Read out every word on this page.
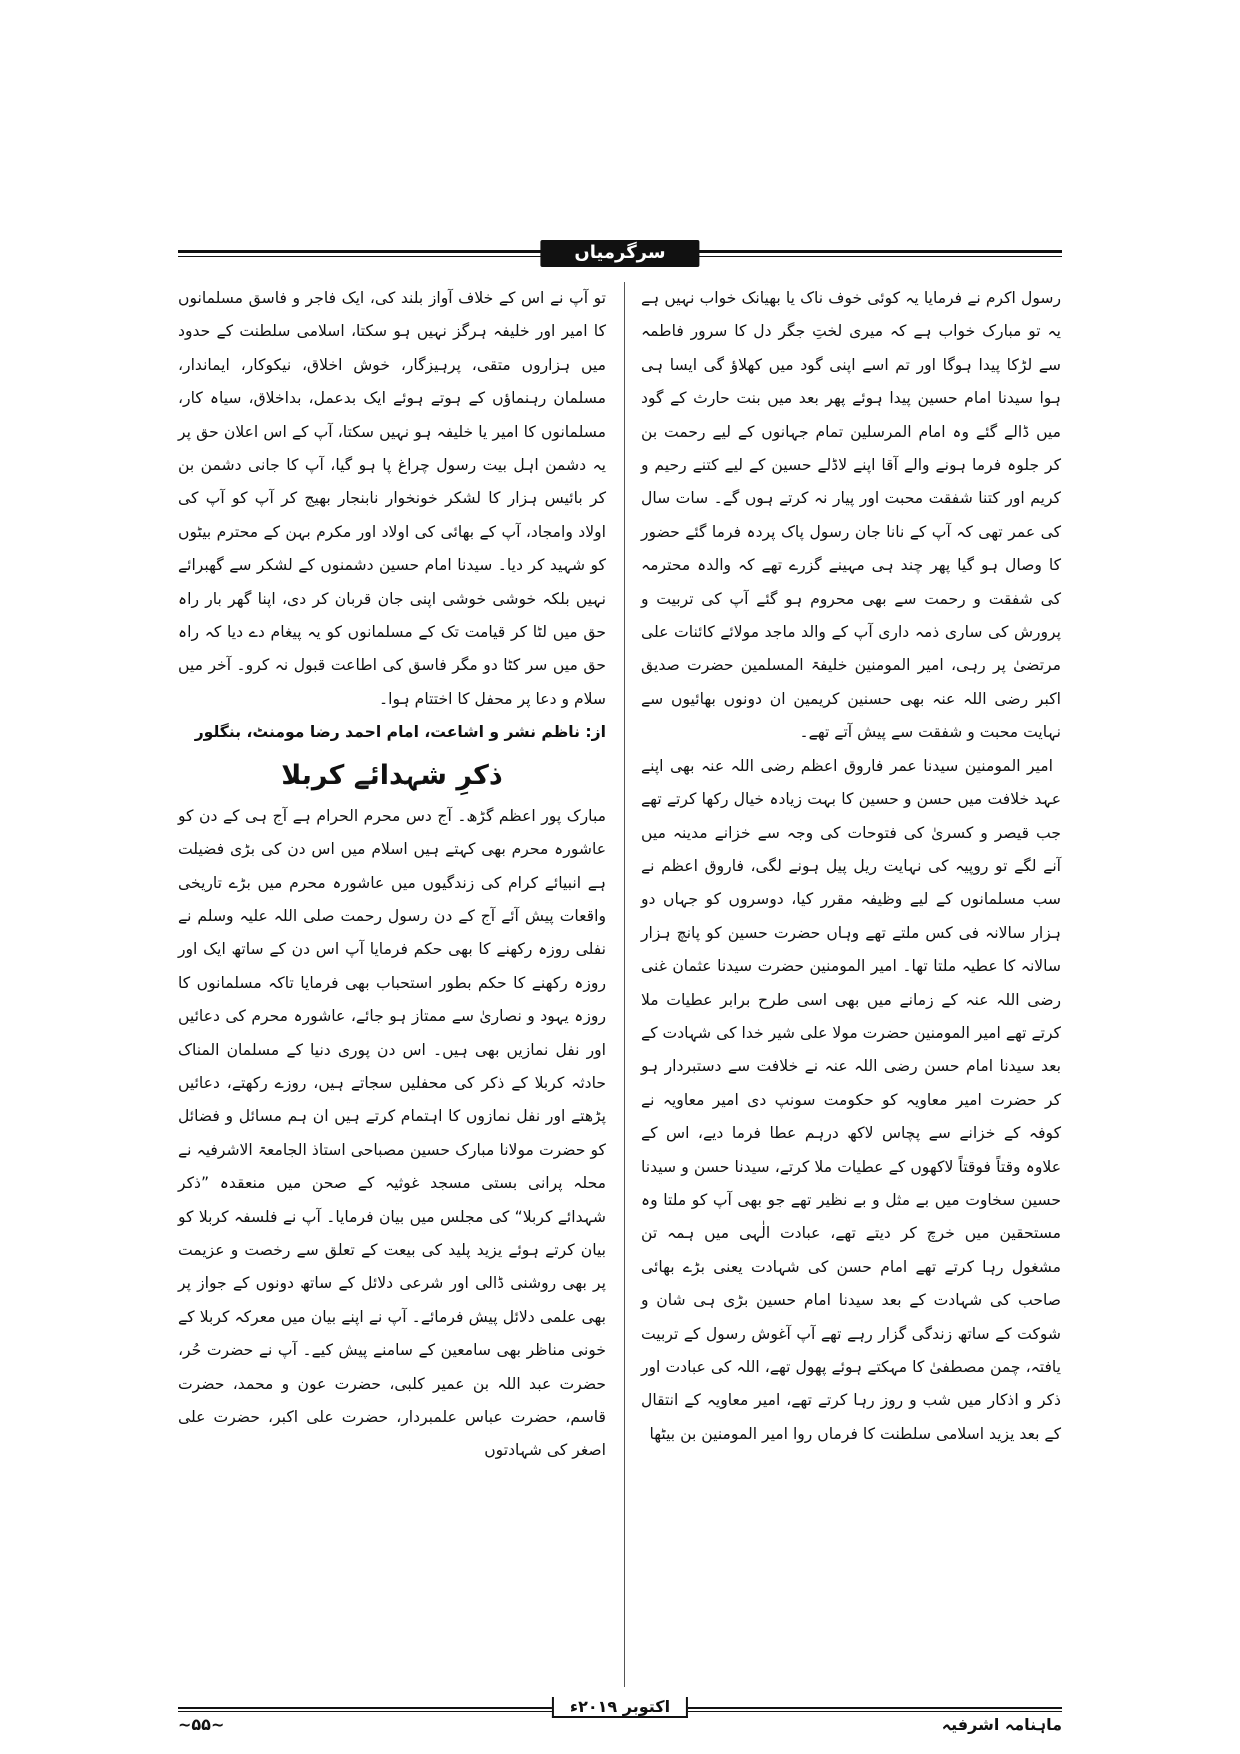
سرگرمیاں

رسول اکرم نے فرمایا یہ کوئی خوف ناک یا بھیانک خواب نہیں ہے یہ تو مبارک خواب ہے کہ میری لختِ جگر دل کا سرور فاطمہ سے لڑکا پیدا ہوگا اور تم اسے اپنی گود میں کھلاؤ گی ایسا ہی ہوا سیدنا امام حسین پیدا ہوئے پھر بعد میں بنت حارث کے گود میں ڈالے گئے وہ امام المرسلین تمام جہانوں کے لیے رحمت بن کر جلوہ فرما ہونے والے آقا اپنے لاڈلے حسین کے لیے کتنے رحیم و کریم اور کتنا شفقت محبت اور پیار نہ کرتے ہوں گے۔ سات سال کی عمر تھی کہ آپ کے نانا جان رسول پاک پردہ فرما گئے حضور کا وصال ہو گیا پھر چند ہی مہینے گزرے تھے کہ والدہ محترمہ کی شفقت و رحمت سے بھی محروم ہو گئے آپ کی تربیت و پرورش کی ساری ذمہ داری آپ کے والد ماجد مولائے کائنات علی مرتضیٰ پر رہی، امیر المومنین خلیفۃ المسلمین حضرت صدیق اکبر رضی اللہ عنہ بھی حسنین کریمین ان دونوں بھائیوں سے نہایت محبت و شفقت سے پیش آتے تھے۔

امیر المومنین سیدنا عمر فاروق اعظم رضی اللہ عنہ بھی اپنے عہد خلافت میں حسن و حسین کا بہت زیادہ خیال رکھا کرتے تھے جب قیصر و کسریٰ کی فتوحات کی وجہ سے خزانے مدینہ میں آنے لگے تو روپیہ کی نہایت ریل پیل ہونے لگی، فاروق اعظم نے سب مسلمانوں کے لیے وظیفہ مقرر کیا، دوسروں کو جہاں دو ہزار سالانہ فی کس ملتے تھے وہاں حضرت حسین کو پانچ ہزار سالانہ کا عطیہ ملتا تھا۔ امیر المومنین حضرت سیدنا عثمان غنی رضی اللہ عنہ کے زمانے میں بھی اسی طرح برابر عطیات ملا کرتے تھے امیر المومنین حضرت مولا علی شیر خدا کی شہادت کے بعد سیدنا امام حسن رضی اللہ عنہ نے خلافت سے دستبردار ہو کر حضرت امیر معاویہ کو حکومت سونپ دی امیر معاویہ نے کوفہ کے خزانے سے پچاس لاکھ درہم عطا فرما دیے، اس کے علاوہ وقتاً فوقتاً لاکھوں کے عطیات ملا کرتے، سیدنا حسن و سیدنا حسین سخاوت میں بے مثل و بے نظیر تھے جو بھی آپ کو ملتا وہ مستحقین میں خرچ کر دیتے تھے، عبادت الٰہی میں ہمہ تن مشغول رہا کرتے تھے امام حسن کی شہادت یعنی بڑے بھائی صاحب کی شہادت کے بعد سیدنا امام حسین بڑی ہی شان و شوکت کے ساتھ زندگی گزار رہے تھے آپ آغوش رسول کے تربیت یافتہ، چمن مصطفیٰ کا مہکتے ہوئے پھول تھے، اللہ کی عبادت اور ذکر و اذکار میں شب و روز رہا کرتے تھے، امیر معاویہ کے انتقال کے بعد یزید اسلامی سلطنت کا فرماں روا امیر المومنین بن بیٹھا

تو آپ نے اس کے خلاف آواز بلند کی، ایک فاجر و فاسق مسلمانوں کا امیر اور خلیفہ ہرگز نہیں ہو سکتا، اسلامی سلطنت کے حدود میں ہزاروں متقی، پرہیزگار، خوش اخلاق، نیکوکار، ایماندار، مسلمان رہنماؤں کے ہوتے ہوئے ایک بدعمل، بداخلاق، سیاہ کار، مسلمانوں کا امیر یا خلیفہ ہو نہیں سکتا، آپ کے اس اعلان حق پر یہ دشمن اہل بیت رسول چراغ پا ہو گیا، آپ کا جانی دشمن بن کر بائیس ہزار کا لشکر خونخوار نابنجار بھیج کر آپ کو آپ کی اولاد وامجاد، آپ کے بھائی کی اولاد اور مکرم بہن کے محترم بیٹوں کو شہید کر دیا۔ سیدنا امام حسین دشمنوں کے لشکر سے گھبرائے نہیں بلکہ خوشی خوشی اپنی جان قربان کر دی، اپنا گھر بار راہ حق میں لٹا کر قیامت تک کے مسلمانوں کو یہ پیغام دے دیا کہ راہ حق میں سر کٹا دو مگر فاسق کی اطاعت قبول نہ کرو۔ آخر میں سلام و دعا پر محفل کا اختتام ہوا۔

از: ناظم نشر و اشاعت، امام احمد رضا مومنٹ، بنگلور

ذکرِ شہدائے کربلا

مبارک پور اعظم گڑھ۔ آج دس محرم الحرام ہے آج ہی کے دن کو عاشورہ محرم بھی کہتے ہیں اسلام میں اس دن کی بڑی فضیلت ہے انبیائے کرام کی زندگیوں میں عاشورہ محرم میں بڑے تاریخی واقعات پیش آئے آج کے دن رسول رحمت صلی اللہ علیہ وسلم نے نفلی روزہ رکھنے کا بھی حکم فرمایا آپ اس دن کے ساتھ ایک اور روزہ رکھنے کا حکم بطور استحباب بھی فرمایا تاکہ مسلمانوں کا روزہ یہود و نصاریٰ سے ممتاز ہو جائے، عاشورہ محرم کی دعائیں اور نفل نمازیں بھی ہیں۔ اس دن پوری دنیا کے مسلمان المناک حادثہ کربلا کے ذکر کی محفلیں سجاتے ہیں، روزے رکھتے، دعائیں پڑھتے اور نفل نمازوں کا اہتمام کرتے ہیں ان ہم مسائل و فضائل کو حضرت مولانا مبارک حسین مصباحی استاذ الجامعۃ الاشرفیہ نے محلہ پرانی بستی مسجد غوثیہ کے صحن میں منعقدہ ”ذکر شہدائے کربلا“ کی مجلس میں بیان فرمایا۔ آپ نے فلسفہ کربلا کو بیان کرتے ہوئے یزید پلید کی بیعت کے تعلق سے رخصت و عزیمت پر بھی روشنی ڈالی اور شرعی دلائل کے ساتھ دونوں کے جواز پر بھی علمی دلائل پیش فرمائے۔ آپ نے اپنے بیان میں معرکہ کربلا کے خونی مناظر بھی سامعین کے سامنے پیش کیے۔ آپ نے حضرت حُر، حضرت عبد اللہ بن عمیر کلبی، حضرت عون و محمد، حضرت قاسم، حضرت عباس علمبردار، حضرت علی اکبر، حضرت علی اصغر کی شہادتوں

ماہنامہ اشرفیہ
اکتوبر ۲۰۱۹ء
~۵۵~
